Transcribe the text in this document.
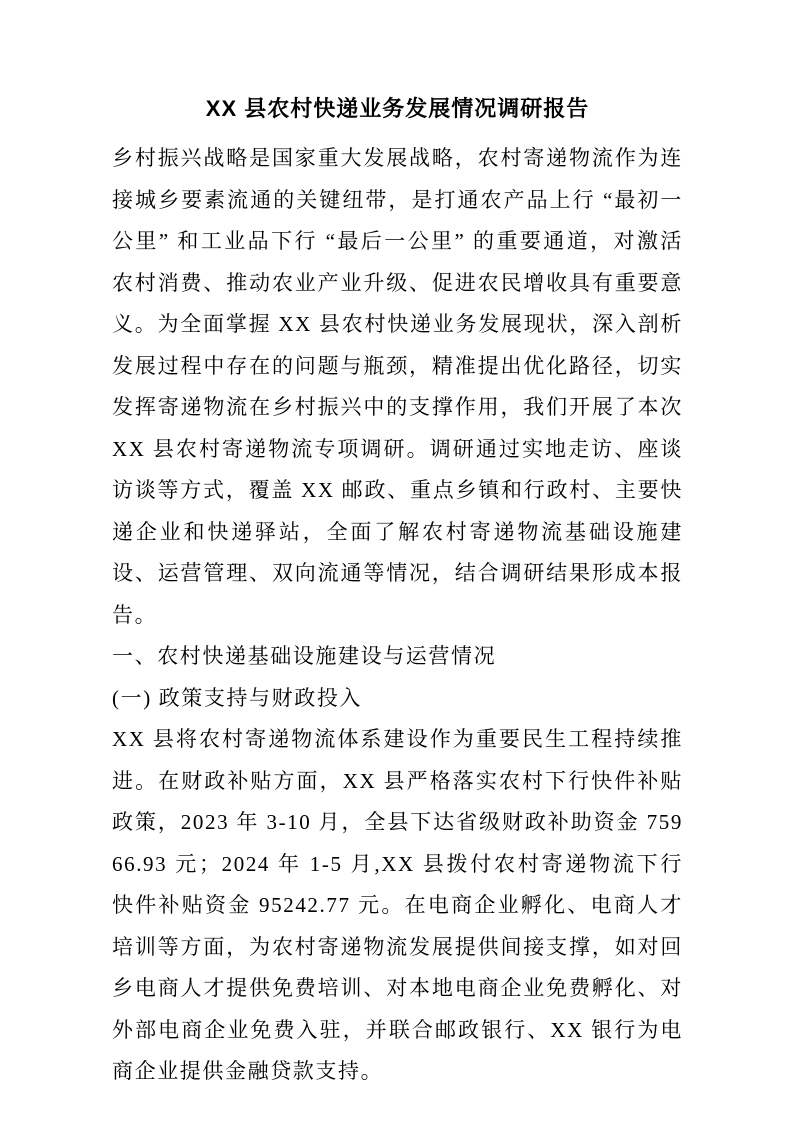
XX 县农村快递业务发展情况调研报告

乡村振兴战略是国家重大发展战略，农村寄递物流作为连接城乡要素流通的关键纽带，是打通农产品上行 “最初一公里” 和工业品下行 “最后一公里” 的重要通道，对激活农村消费、推动农业产业升级、促进农民增收具有重要意义。为全面掌握 XX 县农村快递业务发展现状，深入剖析发展过程中存在的问题与瓶颈，精准提出优化路径，切实发挥寄递物流在乡村振兴中的支撑作用，我们开展了本次 XX 县农村寄递物流专项调研。调研通过实地走访、座谈访谈等方式，覆盖 XX 邮政、重点乡镇和行政村、主要快递企业和快递驿站，全面了解农村寄递物流基础设施建设、运营管理、双向流通等情况，结合调研结果形成本报告。

一、农村快递基础设施建设与运营情况
(一) 政策支持与财政投入

XX 县将农村寄递物流体系建设作为重要民生工程持续推进。在财政补贴方面，XX 县严格落实农村下行快件补贴政策，2023 年 3-10 月，全县下达省级财政补助资金 75966.93 元；2024 年 1-5 月,XX 县拨付农村寄递物流下行快件补贴资金 95242.77 元。在电商企业孵化、电商人才培训等方面，为农村寄递物流发展提供间接支撑，如对回乡电商人才提供免费培训、对本地电商企业免费孵化、对外部电商企业免费入驻，并联合邮政银行、XX 银行为电商企业提供金融贷款支持。
